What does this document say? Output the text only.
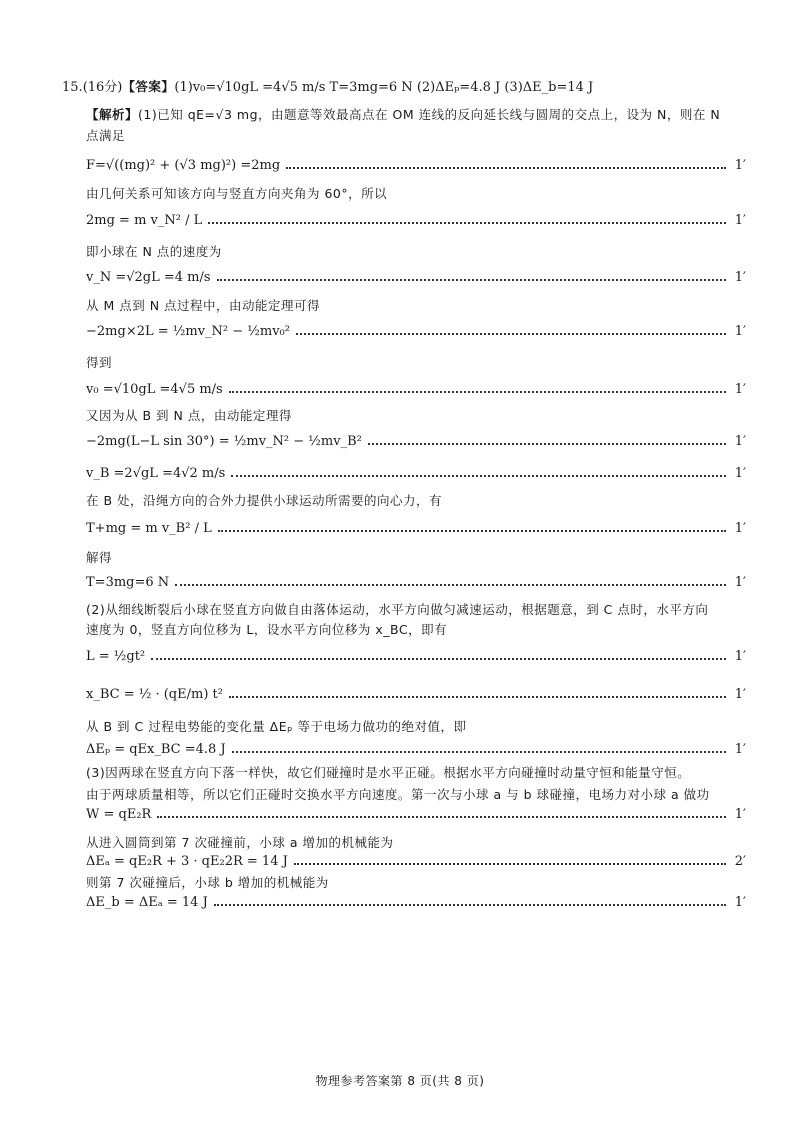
15.(16分)【答案】(1)v₀=√10gL =4√5 m/s T=3mg=6 N (2)ΔEₚ=4.8 J (3)ΔE_b=14 J
【解析】(1)已知 qE=√3 mg，由题意等效最高点在 OM 连线的反向延长线与圆周的交点上，设为 N，则在 N
点满足
F=√((mg)² + (√3 mg)²) =2mg	1′
由几何关系可知该方向与竖直方向夹角为 60°，所以
2mg = m v_N² / L	1′
即小球在 N 点的速度为
v_N =√2gL =4 m/s	1′
从 M 点到 N 点过程中，由动能定理可得
−2mg×2L = ½mv_N² − ½mv₀²	1′
得到
v₀ =√10gL =4√5 m/s	1′
又因为从 B 到 N 点，由动能定理得
−2mg(L−L sin 30°) = ½mv_N² − ½mv_B²	1′
v_B =2√gL =4√2 m/s	1′
在 B 处，沿绳方向的合外力提供小球运动所需要的向心力，有
T+mg = m v_B² / L	1′
解得
T=3mg=6 N	1′
(2)从细线断裂后小球在竖直方向做自由落体运动，水平方向做匀减速运动，根据题意，到 C 点时，水平方向
速度为 0，竖直方向位移为 L，设水平方向位移为 x_BC，即有
L = ½gt²	1′
x_BC = ½ · (qE/m) t²	1′
从 B 到 C 过程电势能的变化量 ΔEₚ 等于电场力做功的绝对值，即
ΔEₚ = qEx_BC =4.8 J	1′
(3)因两球在竖直方向下落一样快，故它们碰撞时是水平正碰。根据水平方向碰撞时动量守恒和能量守恒。
由于两球质量相等，所以它们正碰时交换水平方向速度。第一次与小球 a 与 b 球碰撞，电场力对小球 a 做功
W = qE₂R	1′
从进入圆筒到第 7 次碰撞前，小球 a 增加的机械能为
ΔEₐ = qE₂R + 3 · qE₂2R = 14 J	2′
则第 7 次碰撞后，小球 b 增加的机械能为
ΔE_b = ΔEₐ = 14 J	1′
物理参考答案第 8 页(共 8 页)
